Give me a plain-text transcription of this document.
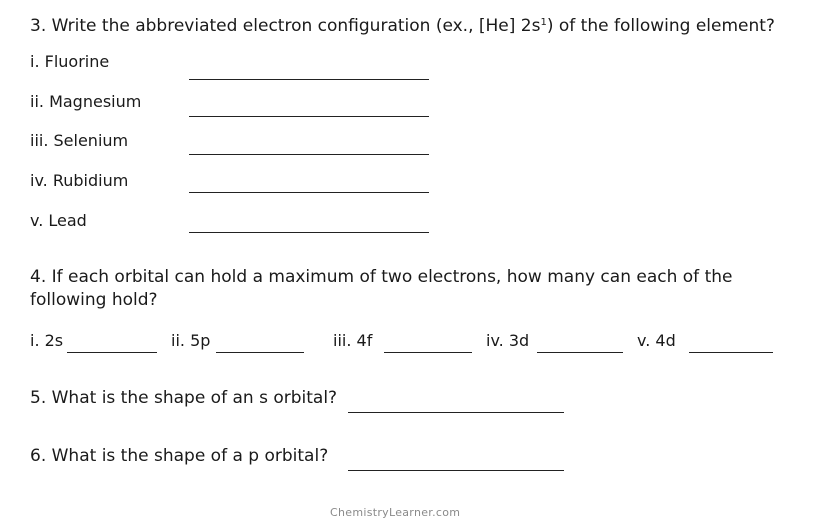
3. Write the abbreviated electron configuration (ex., [He] $2s^1$) of the following element?
i. Fluorine
ii. Magnesium
iii. Selenium
iv. Rubidium
v. Lead
4. If each orbital can hold a maximum of two electrons, how many can each of the
following hold?
i. 2s	ii. 5p	iii. 4f	iv. 3d	v. 4d
5. What is the shape of an s orbital?
6. What is the shape of a p orbital?
ChemistryLearner.com
